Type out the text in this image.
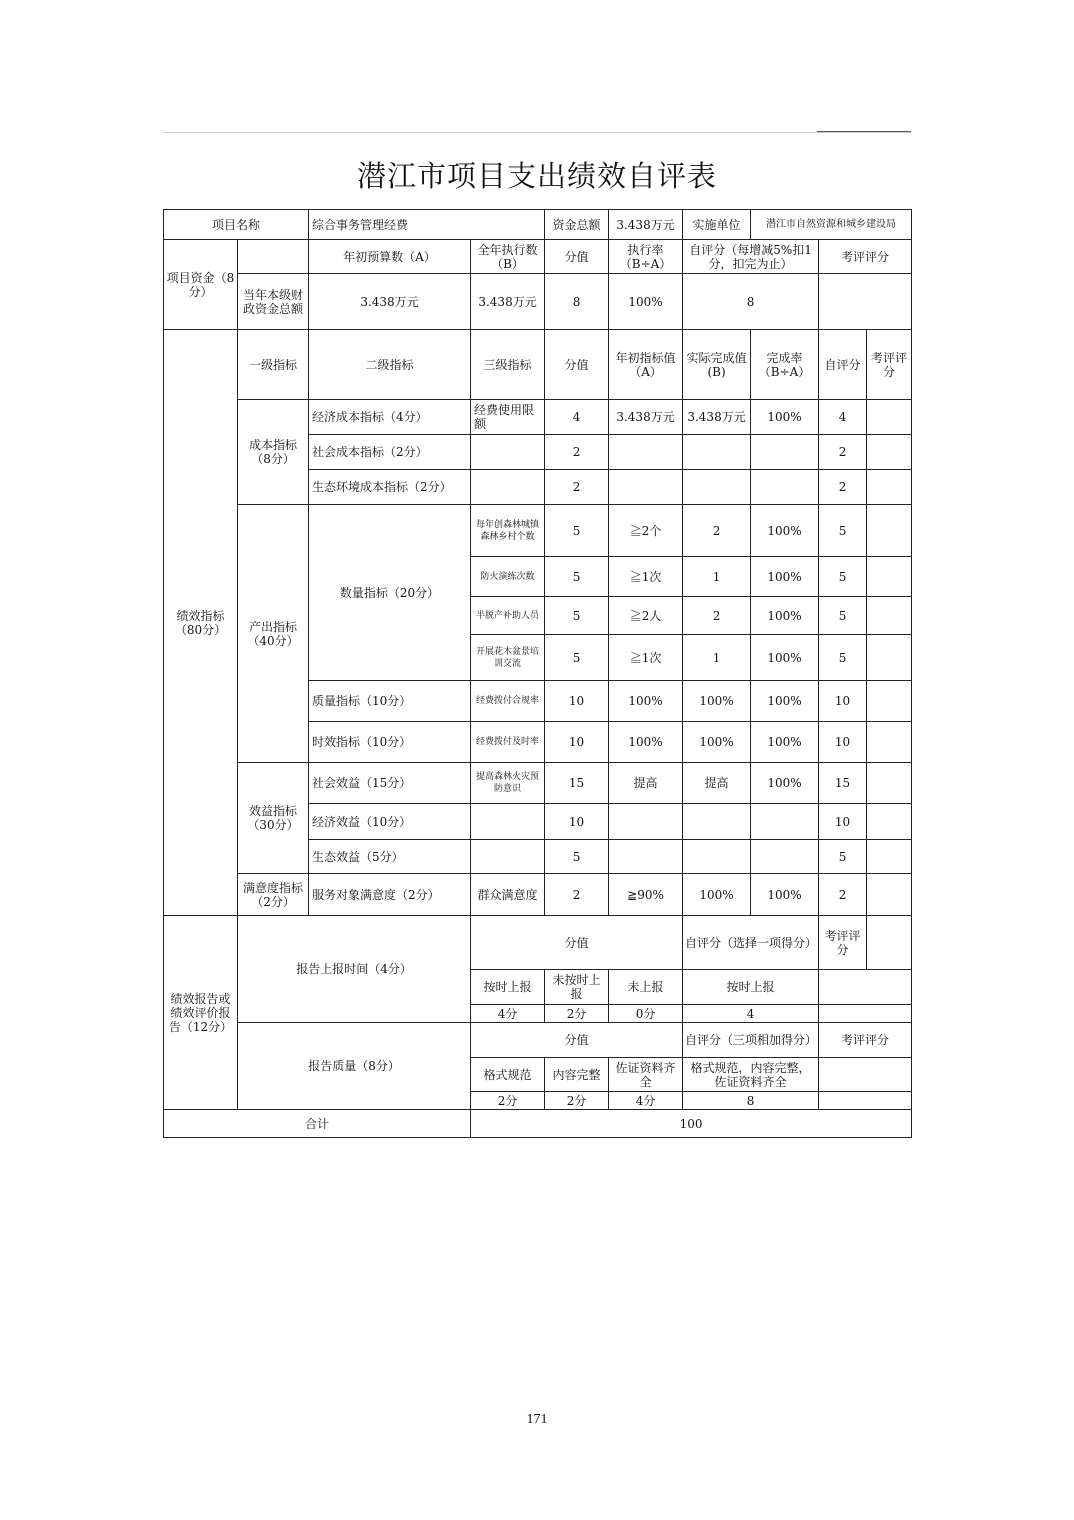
潜江市项目支出绩效自评表
项目名称		综合事务管理经费		资金总额	3.438万元	实施单位	潜江市自然资源和城乡建设局		
项目资金（8分）		年初预算数（A）	全年执行数（B）	分值	执行率（B÷A）	自评分（每增减5%扣1分，扣完为止）		考评评分	
	当年本级财政资金总额	3.438万元	3.438万元	8	100%	8			
绩效指标（80分）	一级指标	二级指标	三级指标	分值	年初指标值（A）	实际完成值(B)	完成率（B÷A）	自评分	考评评分
	成本指标（8分）	经济成本指标（4分）	经费使用限额	4	3.438万元	3.438万元	100%	4	
		社会成本指标（2分）		2				2	
		生态环境成本指标（2分）		2				2	
	产出指标（40分）	数量指标（20分）	每年创森林城镇森林乡村个数	5	≧2个	2	100%	5	
			防火演练次数	5	≧1次	1	100%	5	
			半脱产补助人员	5	≧2人	2	100%	5	
			开展花木盆景培训交流	5	≧1次	1	100%	5	
		质量指标（10分）	经费拨付合规率	10	100%	100%	100%	10	
		时效指标（10分）	经费拨付及时率	10	100%	100%	100%	10	
	效益指标（30分）	社会效益（15分）	提高森林火灾预防意识	15	提高	提高	100%	15	
		经济效益（10分）		10				10	
		生态效益（5分）		5				5	
	满意度指标（2分）	服务对象满意度（2分）	群众满意度	2	≧90%	100%	100%	2	
绩效报告或绩效评价报告（12分）	报告上报时间（4分）		分值			自评分（选择一项得分）		考评评分	
			按时上报	未按时上报	未上报	按时上报			
			4分	2分	0分	4			
	报告质量（8分）		分值			自评分（三项相加得分）		考评评分	
			格式规范	内容完整	佐证资料齐全	格式规范，内容完整，佐证资料齐全			
			2分	2分	4分	8			
合计			100						
171
